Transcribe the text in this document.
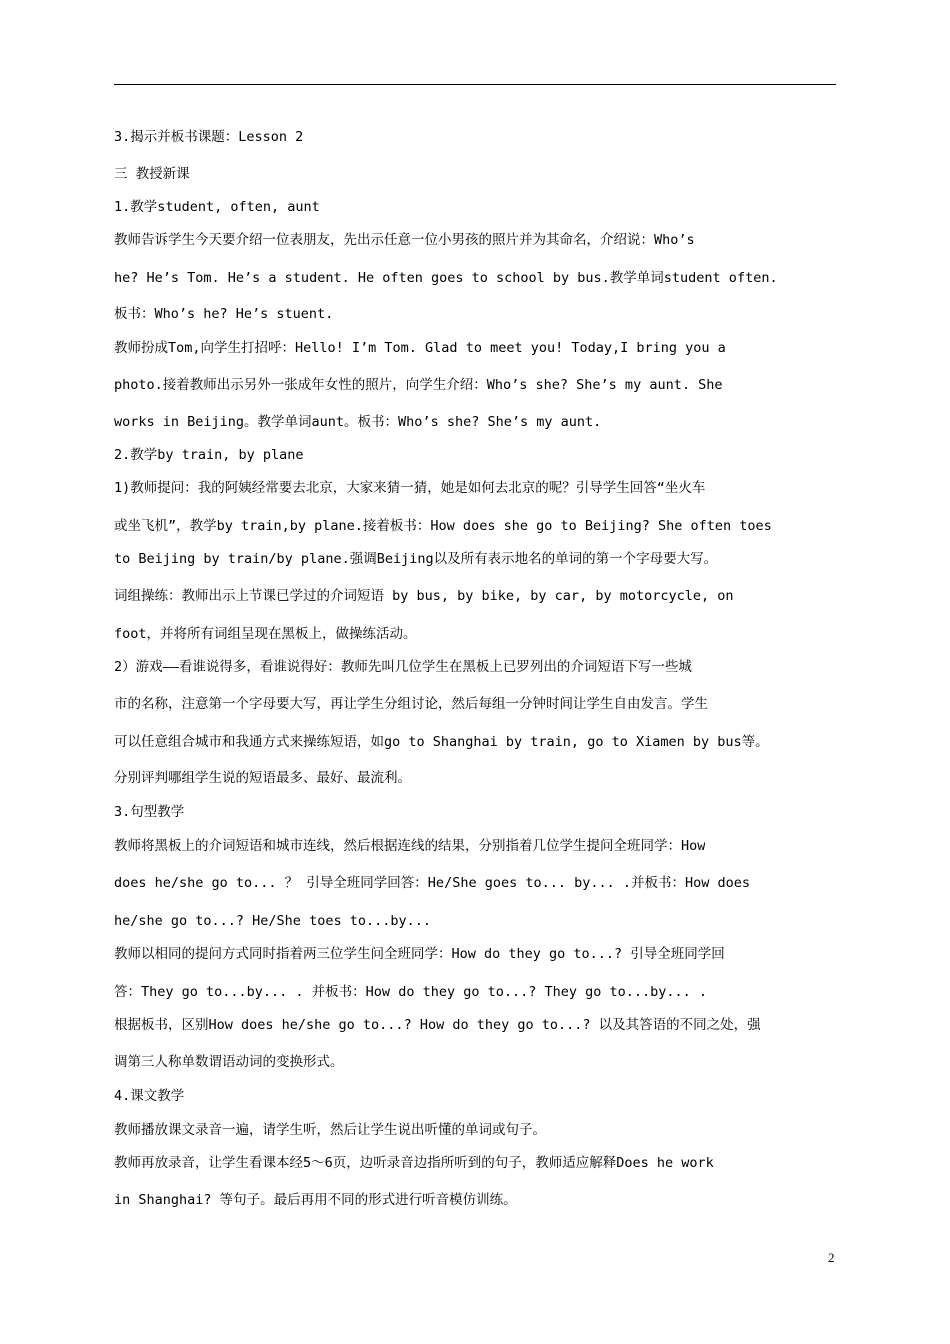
3.揭示并板书课题：Lesson 2

三 教授新课

1.教学student, often, aunt

教师告诉学生今天要介绍一位表朋友，先出示任意一位小男孩的照片并为其命名，介绍说：Who’s

he? He’s Tom. He’s a student. He often goes to school by bus.教学单词student often.

板书：Who’s he? He’s stuent.

教师扮成Tom,向学生打招呼：Hello! I’m Tom. Glad to meet you! Today,I bring you a

photo.接着教师出示另外一张成年女性的照片，向学生介绍：Who’s she? She’s my aunt. She

works in Beijing。教学单词aunt。板书：Who’s she? She’s my aunt.

2.教学by train, by plane

1)教师提问：我的阿姨经常要去北京，大家来猜一猜，她是如何去北京的呢？引导学生回答“坐火车

或坐飞机”，教学by train,by plane.接着板书：How does she go to Beijing? She often toes

to Beijing by train/by plane.强调Beijing以及所有表示地名的单词的第一个字母要大写。

词组操练：教师出示上节课已学过的介词短语 by bus, by bike, by car, by motorcycle, on

foot，并将所有词组呈现在黑板上，做操练活动。

2）游戏——看谁说得多，看谁说得好：教师先叫几位学生在黑板上已罗列出的介词短语下写一些城

市的名称，注意第一个字母要大写，再让学生分组讨论，然后每组一分钟时间让学生自由发言。学生

可以任意组合城市和我通方式来操练短语，如go to Shanghai by train, go to Xiamen by bus等。

分别评判哪组学生说的短语最多、最好、最流利。

3.句型教学

教师将黑板上的介词短语和城市连线，然后根据连线的结果，分别指着几位学生提问全班同学：How

does he/she go to... ？ 引导全班同学回答：He/She goes to... by... .并板书：How does

he/she go to...? He/She toes to...by...

教师以相同的提问方式同时指着两三位学生问全班同学：How do they go to...? 引导全班同学回

答：They go to...by... . 并板书：How do they go to...? They go to...by... .

根据板书，区别How does he/she go to...? How do they go to...? 以及其答语的不同之处，强

调第三人称单数谓语动词的变换形式。

4.课文教学

教师播放课文录音一遍，请学生听，然后让学生说出听懂的单词或句子。

教师再放录音，让学生看课本经5～6页，边听录音边指所听到的句子，教师适应解释Does he work

in Shanghai? 等句子。最后再用不同的形式进行听音模仿训练。

2
